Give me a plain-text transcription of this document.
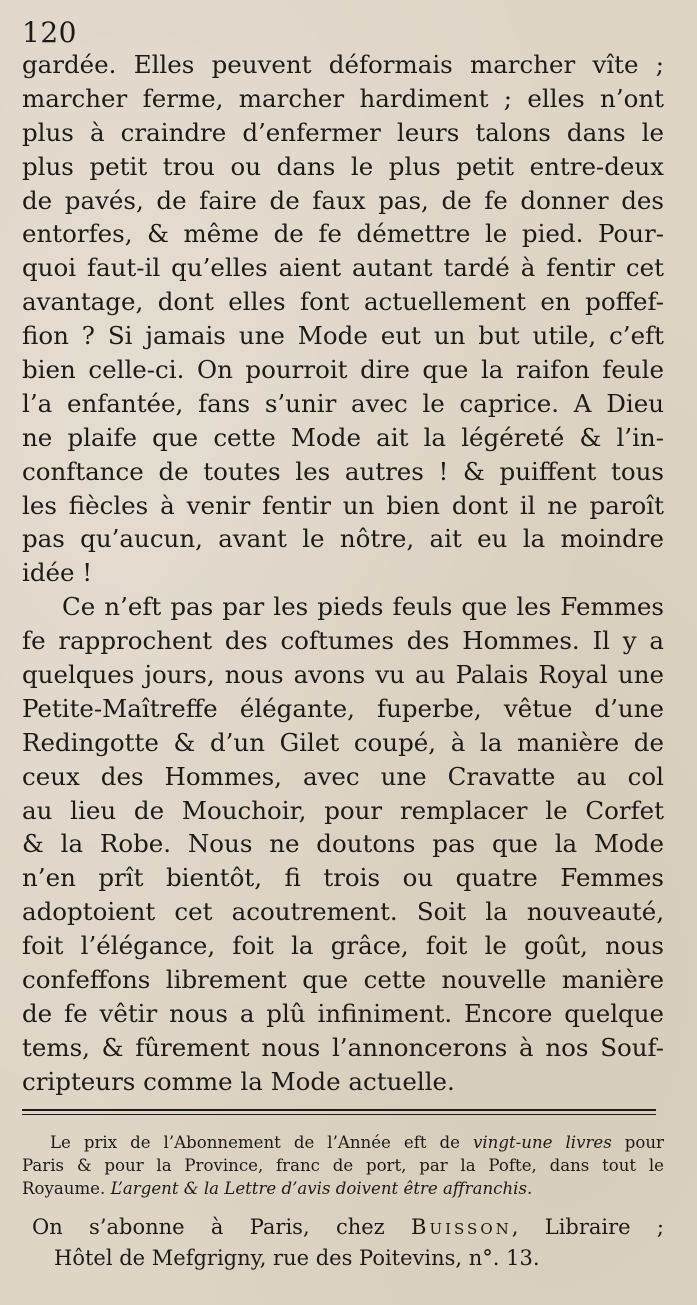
120
gardée. Elles peuvent déformais marcher vîte ;
marcher ferme, marcher hardiment ; elles n’ont
plus à craindre d’enfermer leurs talons dans le
plus petit trou ou dans le plus petit entre-deux
de pavés, de faire de faux pas, de fe donner des
entorfes, & même de fe démettre le pied. Pour-
quoi faut-il qu’elles aient autant tardé à fentir cet
avantage, dont elles font actuellement en poffef-
fion ? Si jamais une Mode eut un but utile, c’eft
bien celle-ci. On pourroit dire que la raifon feule
l’a enfantée, fans s’unir avec le caprice. A Dieu
ne plaife que cette Mode ait la légéreté & l’in-
conftance de toutes les autres ! & puiffent tous
les fiècles à venir fentir un bien dont il ne paroît
pas qu’aucun, avant le nôtre, ait eu la moindre
idée !
Ce n’eft pas par les pieds feuls que les Femmes
fe rapprochent des coftumes des Hommes. Il y a
quelques jours, nous avons vu au Palais Royal une
Petite-Maîtreffe élégante, fuperbe, vêtue d’une
Redingotte & d’un Gilet coupé, à la manière de
ceux des Hommes, avec une Cravatte au col
au lieu de Mouchoir, pour remplacer le Corfet
& la Robe. Nous ne doutons pas que la Mode
n’en prît bientôt, fi trois ou quatre Femmes
adoptoient cet acoutrement. Soit la nouveauté,
foit l’élégance, foit la grâce, foit le goût, nous
confeffons librement que cette nouvelle manière
de fe vêtir nous a plû infiniment. Encore quelque
tems, & fûrement nous l’annoncerons à nos Souf-
cripteurs comme la Mode actuelle.
Le prix de l’Abonnement de l’Année eft de vingt-une livres pour
Paris & pour la Province, franc de port, par la Pofte, dans tout le
Royaume. L’argent & la Lettre d’avis doivent être affranchis.
On s’abonne à Paris, chez Buisson, Libraire ;
Hôtel de Mefgrigny, rue des Poitevins, n°. 13.
